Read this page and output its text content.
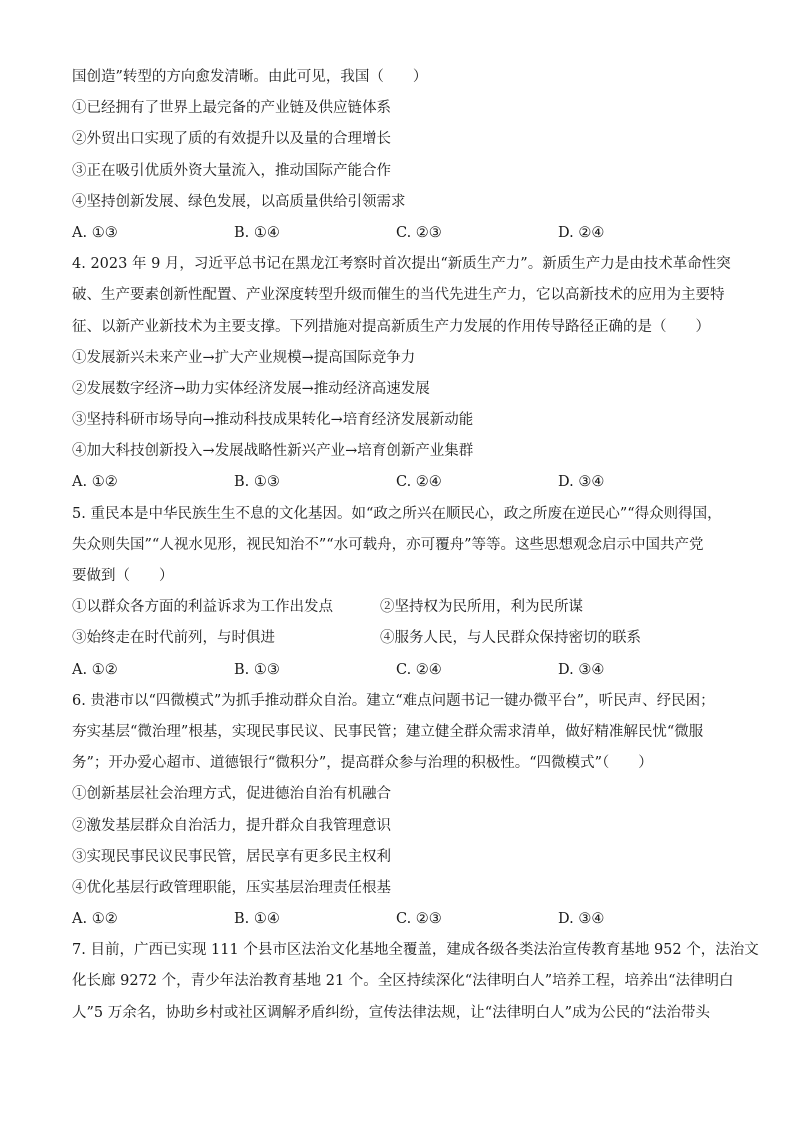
国创造”转型的方向愈发清晰。由此可见，我国（　　）
①已经拥有了世界上最完备的产业链及供应链体系
②外贸出口实现了质的有效提升以及量的合理增长
③正在吸引优质外资大量流入，推动国际产能合作
④坚持创新发展、绿色发展，以高质量供给引领需求
A. ①③	B. ①④	C. ②③	D. ②④
4. 2023 年 9 月，习近平总书记在黑龙江考察时首次提出“新质生产力”。新质生产力是由技术革命性突
破、生产要素创新性配置、产业深度转型升级而催生的当代先进生产力，它以高新技术的应用为主要特
征、以新产业新技术为主要支撑。下列措施对提高新质生产力发展的作用传导路径正确的是（　　）
①发展新兴未来产业→扩大产业规模→提高国际竞争力
②发展数字经济→助力实体经济发展→推动经济高速发展
③坚持科研市场导向→推动科技成果转化→培育经济发展新动能
④加大科技创新投入→发展战略性新兴产业→培育创新产业集群
A. ①②	B. ①③	C. ②④	D. ③④
5. 重民本是中华民族生生不息的文化基因。如“政之所兴在顺民心，政之所废在逆民心”“得众则得国，
失众则失国”“人视水见形，视民知治不”“水可载舟，亦可覆舟”等等。这些思想观念启示中国共产党
要做到（　　）
①以群众各方面的利益诉求为工作出发点	②坚持权为民所用，利为民所谋
③始终走在时代前列，与时俱进	④服务人民，与人民群众保持密切的联系
A. ①②	B. ①③	C. ②④	D. ③④
6. 贵港市以“四微模式”为抓手推动群众自治。建立“难点问题书记一键办微平台”，听民声、纾民困；
夯实基层“微治理”根基，实现民事民议、民事民管；建立健全群众需求清单，做好精准解民忧“微服
务”；开办爱心超市、道德银行“微积分”，提高群众参与治理的积极性。“四微模式”（　　）
①创新基层社会治理方式，促进德治自治有机融合
②激发基层群众自治活力，提升群众自我管理意识
③实现民事民议民事民管，居民享有更多民主权利
④优化基层行政管理职能，压实基层治理责任根基
A. ①②	B. ①④	C. ②③	D. ③④
7. 目前，广西已实现 111 个县市区法治文化基地全覆盖，建成各级各类法治宣传教育基地 952 个，法治文
化长廊 9272 个，青少年法治教育基地 21 个。全区持续深化“法律明白人”培养工程，培养出“法律明白
人”5 万余名，协助乡村或社区调解矛盾纠纷，宣传法律法规，让“法律明白人”成为公民的“法治带头
